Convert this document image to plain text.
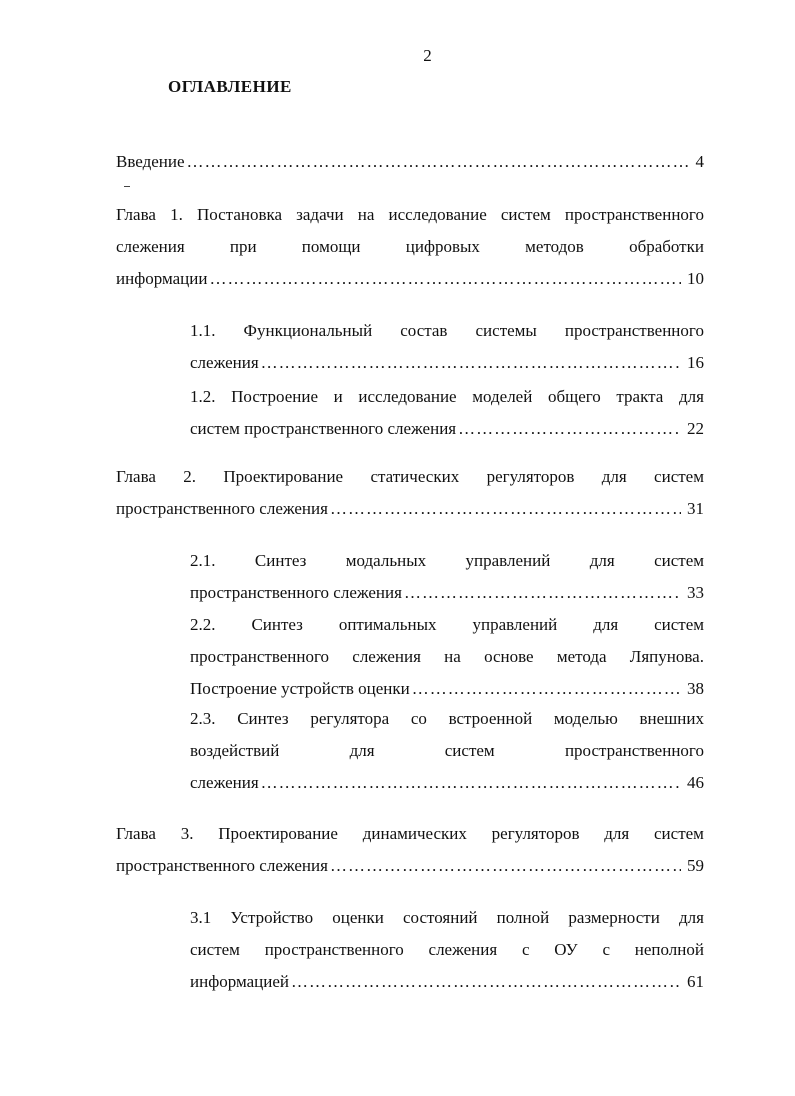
2
ОГЛАВЛЕНИЕ
Введение …………………………………………………………………………………………………………………………………………………………………………………………	4
Глава 1. Постановка задачи на исследование систем пространственного
слежения	при	помощи	цифровых	методов	обработки
информации …………………………………………………………………………………………………………………………………………………………………………………………	10
1.1. Функциональный состав системы пространственного
слежения …………………………………………………………………………………………………………………………………………………………………………………………	16
1.2. Построение и исследование моделей общего тракта для
систем пространственного слежения …………………………………………………………………………………………………………………………………………………………………………………………	22
Глава 2. Проектирование статических регуляторов для систем
пространственного слежения …………………………………………………………………………………………………………………………………………………………………………………………	31
2.1. Синтез модальных управлений для систем
пространственного слежения …………………………………………………………………………………………………………………………………………………………………………………………	33
2.2. Синтез оптимальных управлений для систем
пространственного слежения на основе метода Ляпунова.
Построение устройств оценки …………………………………………………………………………………………………………………………………………………………………………………………	38
2.3. Синтез регулятора со встроенной моделью внешних
воздействий	для	систем	пространственного
слежения …………………………………………………………………………………………………………………………………………………………………………………………	46
Глава 3. Проектирование динамических регуляторов для систем
пространственного слежения …………………………………………………………………………………………………………………………………………………………………………………………	59
3.1 Устройство оценки состояний полной размерности для
систем пространственного слежения с ОУ с неполной
информацией …………………………………………………………………………………………………………………………………………………………………………………………	61
